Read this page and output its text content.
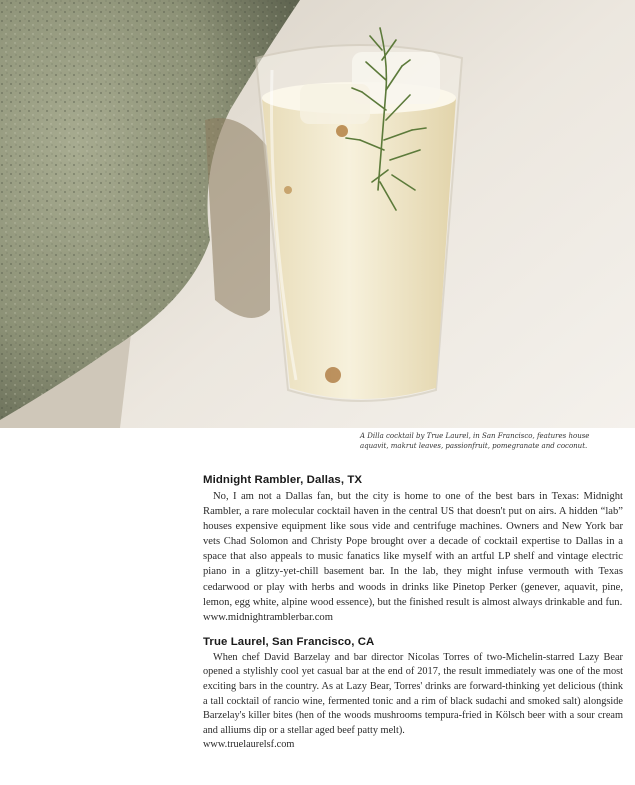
A Dilla cocktail by True Laurel, in San Francisco, features house
aquavit, makrut leaves, passionfruit, pomegranate and coconut.
Midnight Rambler, Dallas, TX

No, I am not a Dallas fan, but the city is home to one of the best bars in Texas: Midnight Rambler, a rare molecular cocktail haven in the central US that doesn't put on airs. A hidden “lab” houses expensive equipment like sous vide and centrifuge machines. Owners and New York bar vets Chad Solomon and Christy Pope brought over a decade of cocktail expertise to Dallas in a space that also appeals to music fanatics like myself with an artful LP shelf and vintage electric piano in a glitzy-yet-chill basement bar. In the lab, they might infuse vermouth with Texas cedarwood or play with herbs and woods in drinks like Pinetop Perker (genever, aquavit, pine, lemon, egg white, alpine wood essence), but the finished result is almost always drinkable and fun.
www.midnightramblerbar.com

True Laurel, San Francisco, CA

When chef David Barzelay and bar director Nicolas Torres of two-Michelin-starred Lazy Bear opened a stylishly cool yet casual bar at the end of 2017, the result immediately was one of the most exciting bars in the country. As at Lazy Bear, Torres' drinks are forward-thinking yet delicious (think a tall cocktail of rancio wine, fermented tonic and a rim of black sudachi and smoked salt) alongside Barzelay's killer bites (hen of the woods mushrooms tempura-fried in Kölsch beer with a sour cream and alliums dip or a stellar aged beef patty melt).
www.truelaurelsf.com
